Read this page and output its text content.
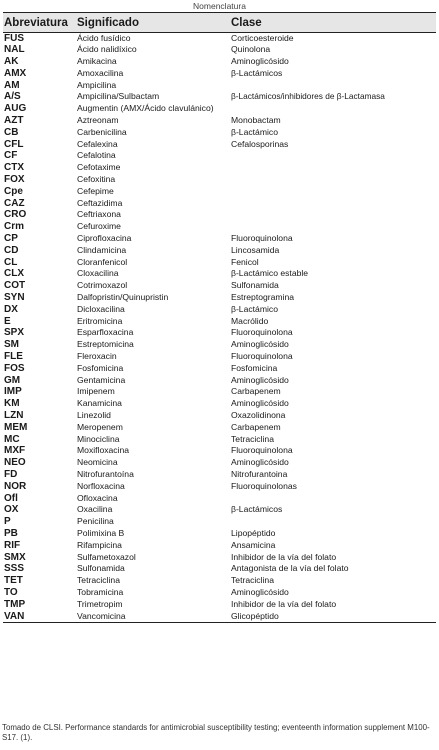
Nomenclatura
Abreviatura	Significado	Clase
FUS	Ácido fusídico	Corticoesteroide
NAL	Ácido nalidíxico	Quinolona
AK	Amikacina	Aminoglicósido
AMX	Amoxacilina	β-Lactámicos
AM	Ampicilina	
A/S	Ampicilina/Sulbactam	β-Lactámicos/inhibidores de β-Lactamasa
AUG	Augmentin (AMX/Ácido clavulánico)	
AZT	Aztreonam	Monobactam
CB	Carbenicilina	β-Lactámico
CFL	Cefalexina	Cefalosporinas
CF	Cefalotina	
CTX	Cefotaxime	
FOX	Cefoxitina	
Cpe	Cefepime	
CAZ	Ceftazidima	
CRO	Ceftriaxona	
Crm	Cefuroxime	
CP	Ciprofloxacina	Fluoroquinolona
CD	Clindamicina	Lincosamida
CL	Cloranfenicol	Fenicol
CLX	Cloxacilina	β-Lactámico estable
COT	Cotrimoxazol	Sulfonamida
SYN	Dalfopristin/Quinupristin	Estreptogramina
DX	Dicloxacilina	β-Lactámico
E	Eritromicina	Macrólido
SPX	Esparfloxacina	Fluoroquinolona
SM	Estreptomicina	Aminoglicósido
FLE	Fleroxacin	Fluoroquinolona
FOS	Fosfomicina	Fosfomicina
GM	Gentamicina	Aminoglicósido
IMP	Imipenem	Carbapenem
KM	Kanamicina	Aminoglicósido
LZN	Linezolid	Oxazolidinona
MEM	Meropenem	Carbapenem
MC	Minociclina	Tetraciclina
MXF	Moxifloxacina	Fluoroquinolona
NEO	Neomicina	Aminoglicósido
FD	Nitrofurantoína	Nitrofurantoina
NOR	Norfloxacina	Fluoroquinolonas
Ofl	Ofloxacina	
OX	Oxacilina	β-Lactámicos
P	Penicilina	
PB	Polimixina B	Lipopéptido
RIF	Rifampicina	Ansamicina
SMX	Sulfametoxazol	Inhibidor de la vía del folato
SSS	Sulfonamida	Antagonista de la vía del folato
TET	Tetraciclina	Tetraciclina
TO	Tobramicina	Aminoglicósido
TMP	Trimetropim	Inhibidor de la vía del folato
VAN	Vancomicina	Glicopéptido
Tomado de CLSI. Performance standards for antimicrobial susceptibility testing; eventeenth information supplement M100-S17. (1).
